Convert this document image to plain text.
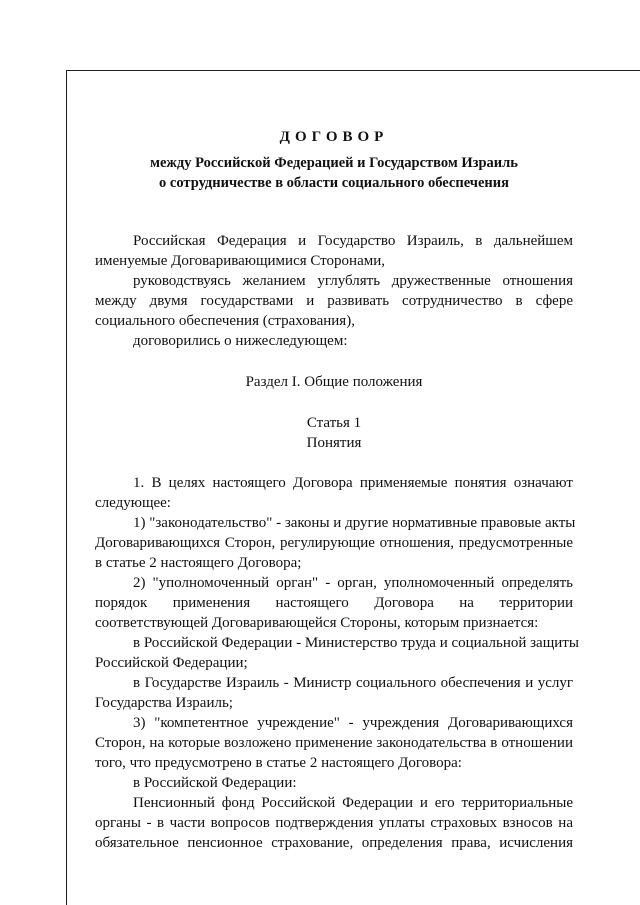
ДОГОВОР
между Российской Федерацией и Государством Израиль
о сотрудничестве в области социального обеспечения
Российская Федерация и Государство Израиль, в дальнейшем
именуемые Договаривающимися Сторонами,
руководствуясь желанием углублять дружественные отношения
между двумя государствами и развивать сотрудничество в сфере
социального обеспечения (страхования),
договорились о нижеследующем:

Раздел I. Общие положения

Статья 1

Понятия

1. В целях настоящего Договора применяемые понятия означают
следующее:
1) "законодательство" - законы и другие нормативные правовые акты
Договаривающихся Сторон, регулирующие отношения, предусмотренные
в статье 2 настоящего Договора;
2) "уполномоченный орган" - орган, уполномоченный определять
порядок применения настоящего Договора на территории
соответствующей Договаривающейся Стороны, которым признается:
в Российской Федерации - Министерство труда и социальной защиты
Российской Федерации;
в Государстве Израиль - Министр социального обеспечения и услуг
Государства Израиль;
3) "компетентное учреждение" - учреждения Договаривающихся
Сторон, на которые возложено применение законодательства в отношении
того, что предусмотрено в статье 2 настоящего Договора:
в Российской Федерации:
Пенсионный фонд Российской Федерации и его территориальные
органы - в части вопросов подтверждения уплаты страховых взносов на
обязательное пенсионное страхование, определения права, исчисления
